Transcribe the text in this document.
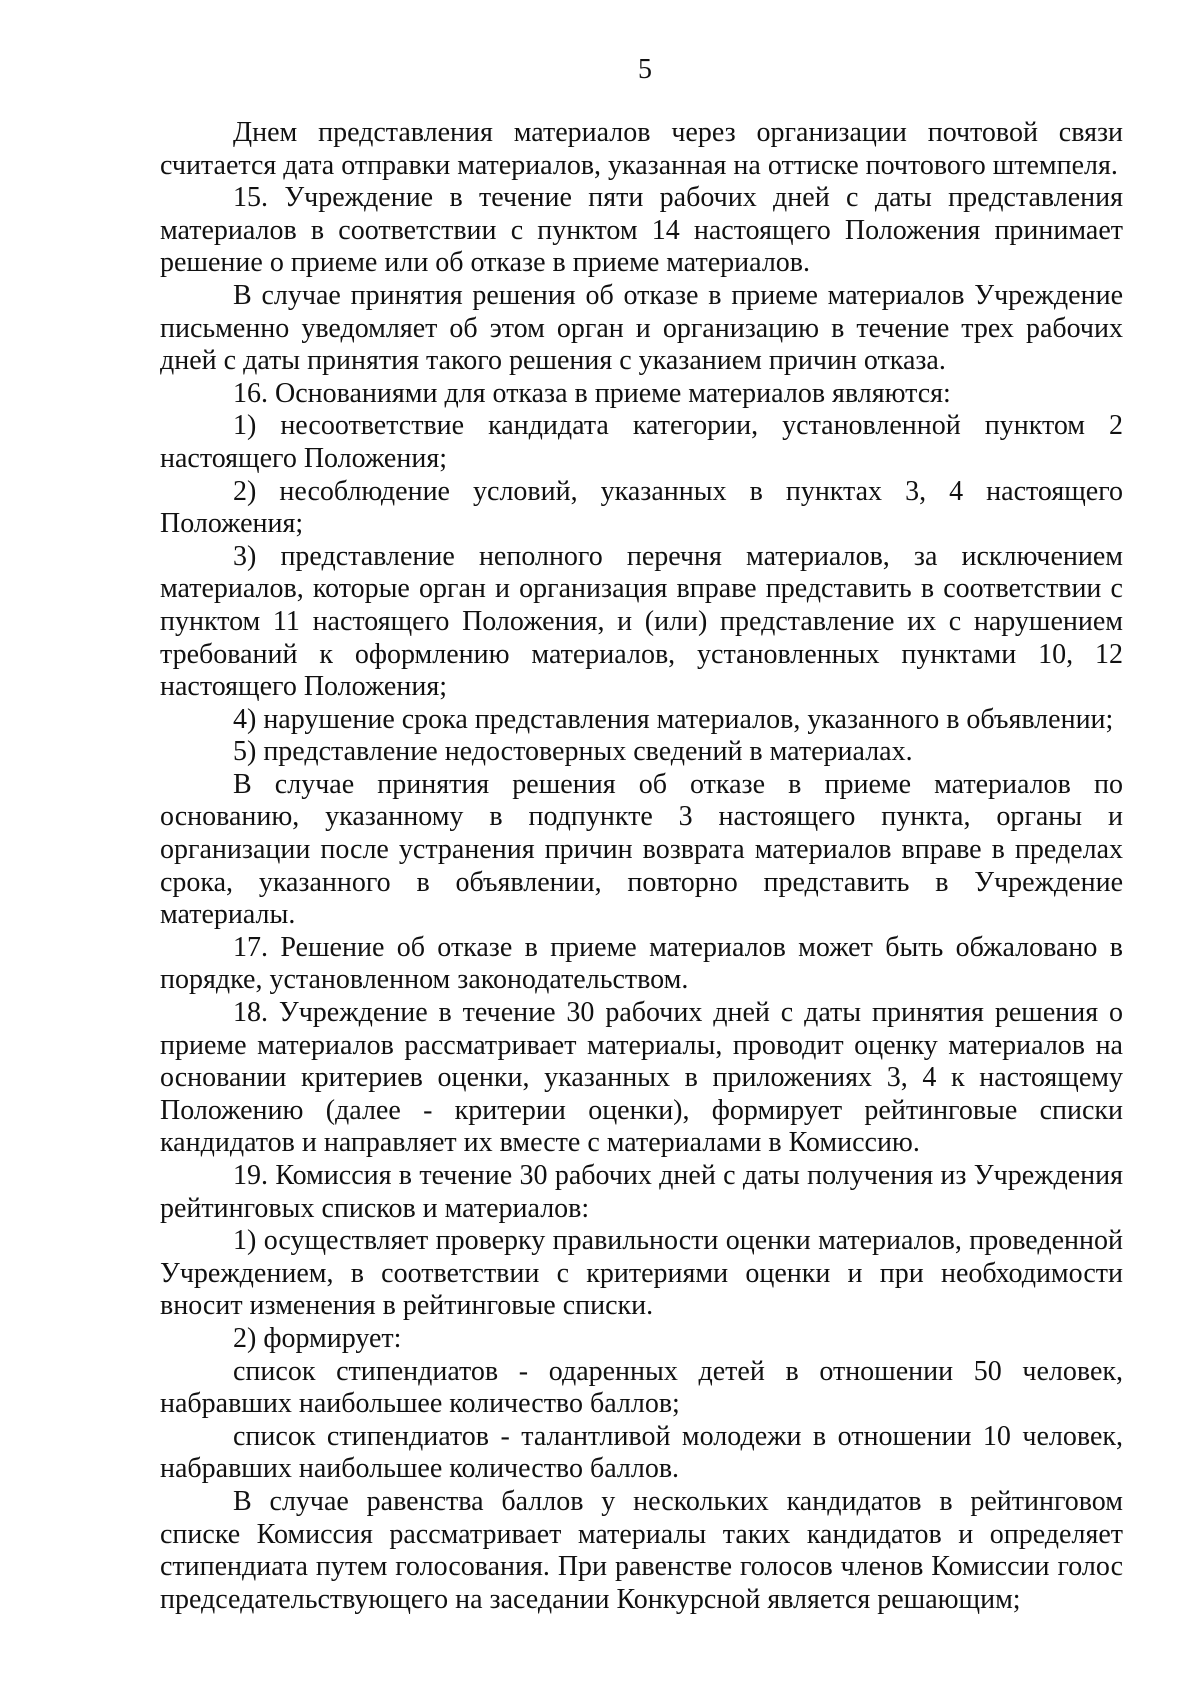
5

Днем представления материалов через организации почтовой связи считается дата отправки материалов, указанная на оттиске почтового штемпеля.

15. Учреждение в течение пяти рабочих дней с даты представления материалов в соответствии с пунктом 14 настоящего Положения принимает решение о приеме или об отказе в приеме материалов.

В случае принятия решения об отказе в приеме материалов Учреждение письменно уведомляет об этом орган и организацию в течение трех рабочих дней с даты принятия такого решения с указанием причин отказа.

16. Основаниями для отказа в приеме материалов являются:

1) несоответствие кандидата категории, установленной пунктом 2 настоящего Положения;

2) несоблюдение условий, указанных в пунктах 3, 4 настоящего Положения;

3) представление неполного перечня материалов, за исключением материалов, которые орган и организация вправе представить в соответствии с пунктом 11 настоящего Положения, и (или) представление их с нарушением требований к оформлению материалов, установленных пунктами 10, 12 настоящего Положения;

4) нарушение срока представления материалов, указанного в объявлении;

5) представление недостоверных сведений в материалах.

В случае принятия решения об отказе в приеме материалов по основанию, указанному в подпункте 3 настоящего пункта, органы и организации после устранения причин возврата материалов вправе в пределах срока, указанного в объявлении, повторно представить в Учреждение материалы.

17. Решение об отказе в приеме материалов может быть обжаловано в порядке, установленном законодательством.

18. Учреждение в течение 30 рабочих дней с даты принятия решения о приеме материалов рассматривает материалы, проводит оценку материалов на основании критериев оценки, указанных в приложениях 3, 4 к настоящему Положению (далее - критерии оценки), формирует рейтинговые списки кандидатов и направляет их вместе с материалами в Комиссию.

19. Комиссия в течение 30 рабочих дней с даты получения из Учреждения рейтинговых списков и материалов:

1) осуществляет проверку правильности оценки материалов, проведенной Учреждением, в соответствии с критериями оценки и при необходимости вносит изменения в рейтинговые списки.

2) формирует:

список стипендиатов - одаренных детей в отношении 50 человек, набравших наибольшее количество баллов;

список стипендиатов - талантливой молодежи в отношении 10 человек, набравших наибольшее количество баллов.

В случае равенства баллов у нескольких кандидатов в рейтинговом списке Комиссия рассматривает материалы таких кандидатов и определяет стипендиата путем голосования. При равенстве голосов членов Комиссии голос председательствующего на заседании Конкурсной является решающим;
